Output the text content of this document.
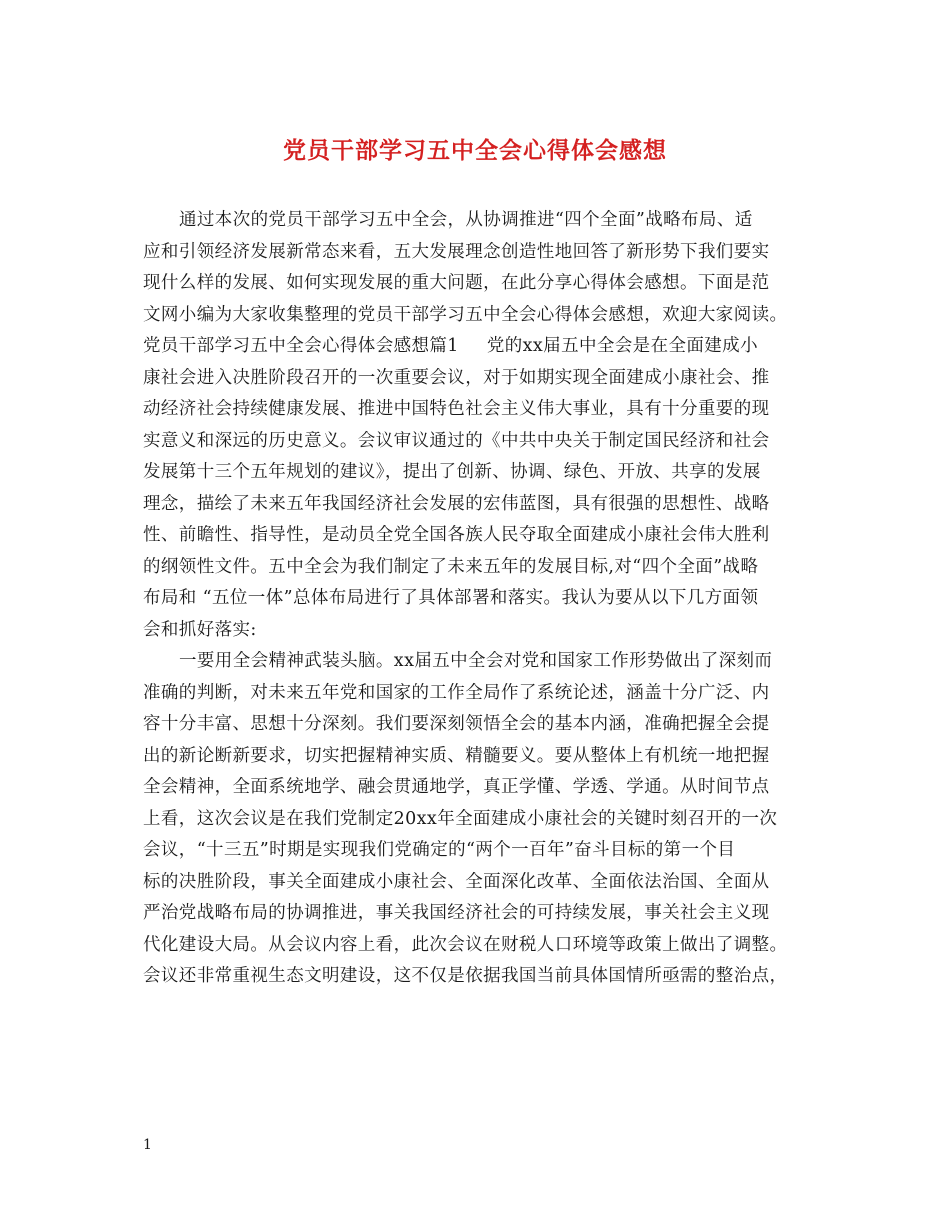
党员干部学习五中全会心得体会感想
通过本次的党员干部学习五中全会，从协调推进“四个全面”战略布局、适
应和引领经济发展新常态来看，五大发展理念创造性地回答了新形势下我们要实
现什么样的发展、如何实现发展的重大问题，在此分享心得体会感想。下面是范
文网小编为大家收集整理的党员干部学习五中全会心得体会感想，欢迎大家阅读。
党员干部学习五中全会心得体会感想篇1 党的xx届五中全会是在全面建成小
康社会进入决胜阶段召开的一次重要会议，对于如期实现全面建成小康社会、推
动经济社会持续健康发展、推进中国特色社会主义伟大事业，具有十分重要的现
实意义和深远的历史意义。会议审议通过的《中共中央关于制定国民经济和社会
发展第十三个五年规划的建议》，提出了创新、协调、绿色、开放、共享的发展
理念，描绘了未来五年我国经济社会发展的宏伟蓝图，具有很强的思想性、战略
性、前瞻性、指导性，是动员全党全国各族人民夺取全面建成小康社会伟大胜利
的纲领性文件。五中全会为我们制定了未来五年的发展目标,对“四个全面”战略
布局和 “五位一体”总体布局进行了具体部署和落实。我认为要从以下几方面领
会和抓好落实:
一要用全会精神武装头脑。xx届五中全会对党和国家工作形势做出了深刻而
准确的判断，对未来五年党和国家的工作全局作了系统论述，涵盖十分广泛、内
容十分丰富、思想十分深刻。我们要深刻领悟全会的基本内涵，准确把握全会提
出的新论断新要求，切实把握精神实质、精髓要义。要从整体上有机统一地把握
全会精神，全面系统地学、融会贯通地学，真正学懂、学透、学通。从时间节点
上看，这次会议是在我们党制定20xx年全面建成小康社会的关键时刻召开的一次
会议，“十三五”时期是实现我们党确定的“两个一百年”奋斗目标的第一个目
标的决胜阶段，事关全面建成小康社会、全面深化改革、全面依法治国、全面从
严治党战略布局的协调推进，事关我国经济社会的可持续发展，事关社会主义现
代化建设大局。从会议内容上看，此次会议在财税人口环境等政策上做出了调整。
会议还非常重视生态文明建设，这不仅是依据我国当前具体国情所亟需的整治点，
1
